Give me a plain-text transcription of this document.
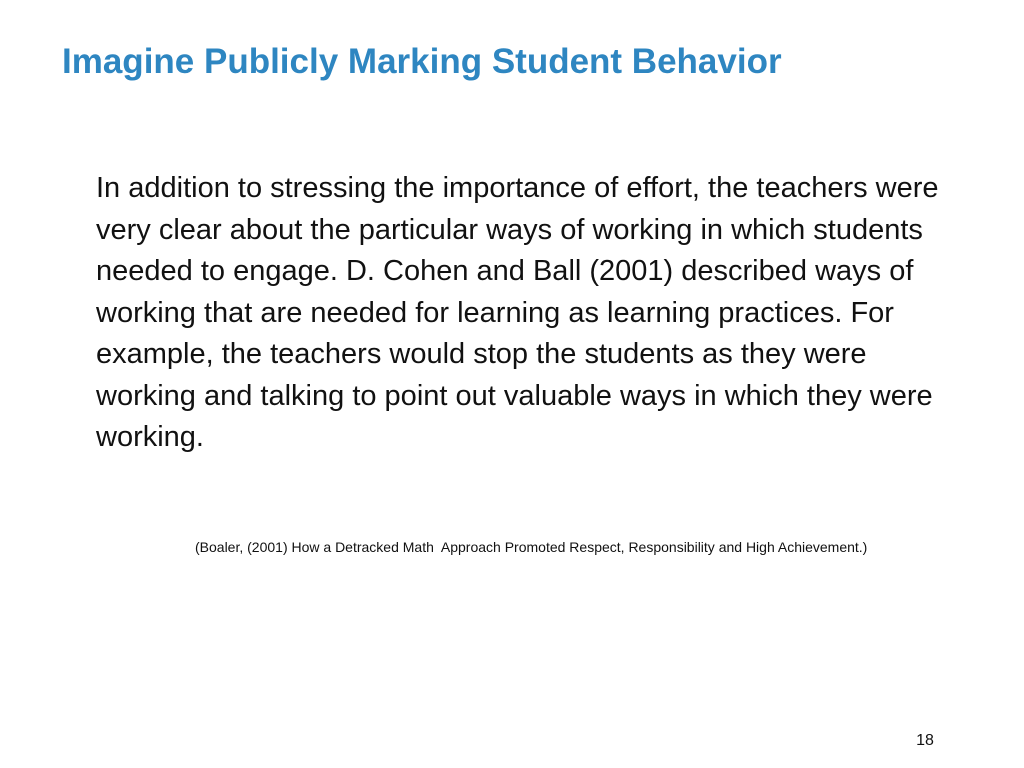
Imagine Publicly Marking Student Behavior

In addition to stressing the importance of effort, the teachers were very clear about the particular ways of working in which students needed to engage. D. Cohen and Ball (2001) described ways of working that are needed for learning as learning practices. For example, the teachers would stop the students as they were working and talking to point out valuable ways in which they were working.

(Boaler, (2001) How a Detracked Math  Approach Promoted Respect, Responsibility and High Achievement.)

18
